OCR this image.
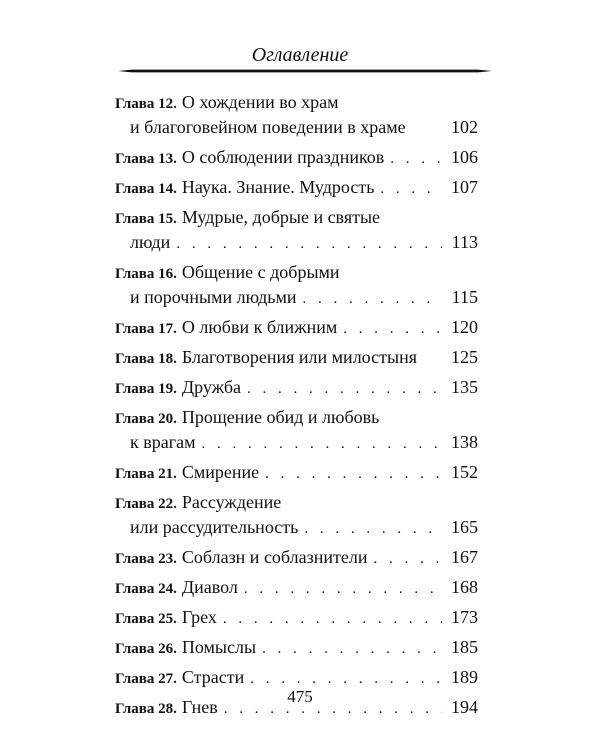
Оглавление
Глава 12. О хождении во храм
и благоговейном поведении в храме	102
Глава 13. О соблюдении праздников . . .	106
Глава 14. Наука. Знание. Мудрость . . .	107
Глава 15. Мудрые, добрые и святые
люди . . .	113
Глава 16. Общение с добрыми
и порочными людьми . . .	115
Глава 17. О любви к ближним . . .	120
Глава 18. Благотворения или милостыня 125
Глава 19. Дружба . . .	135
Глава 20. Прощение обид и любовь
к врагам . . .	138
Глава 21. Смирение . . .	152
Глава 22. Рассуждение
или рассудительность . . .	165
Глава 23. Соблазн и соблазнители . . .	167
Глава 24. Диавол . . .	168
Глава 25. Грех . . .	173
Глава 26. Помыслы . . .	185
Глава 27. Страсти . . .	189
Глава 28. Гнев . . .	194
475
